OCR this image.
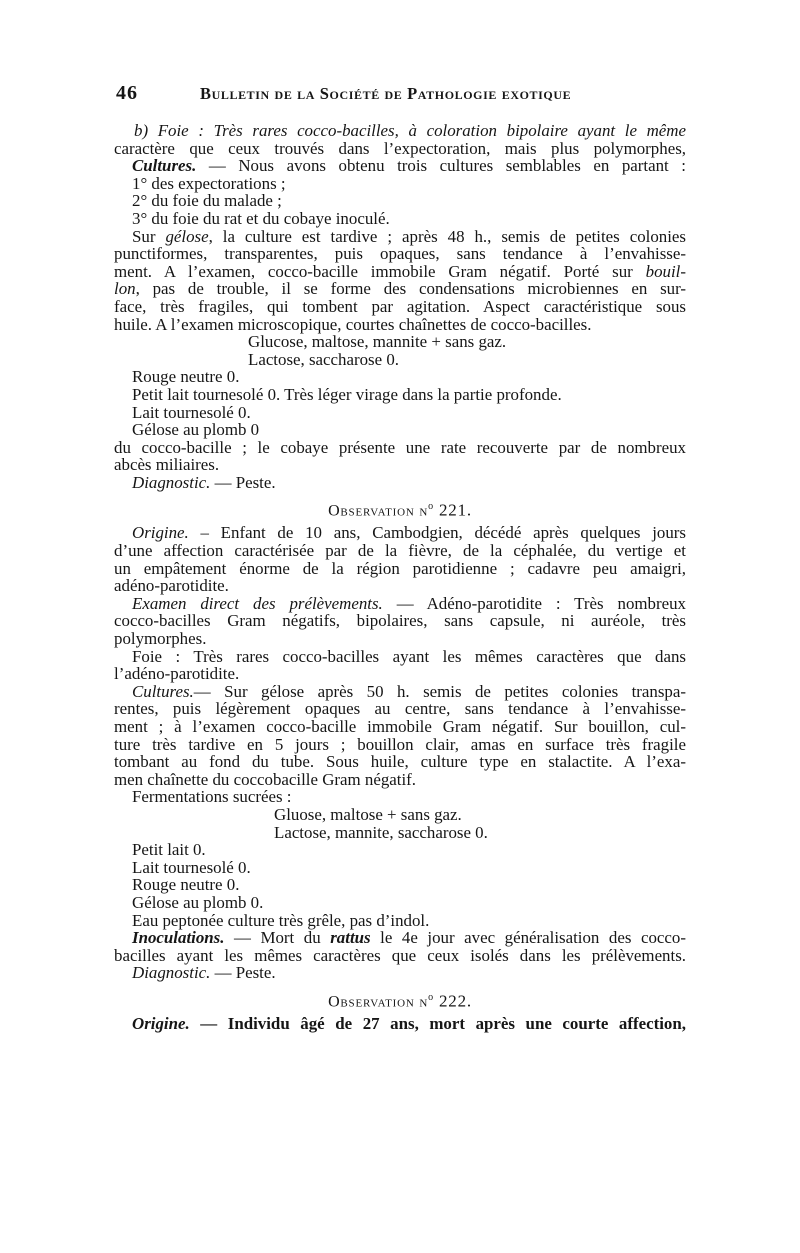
46	Bulletin de la Société de Pathologie exotique
b) Foie : Très rares cocco-bacilles, à coloration bipolaire ayant le même
caractère que ceux trouvés dans l’expectoration, mais plus polymorphes,
Cultures. — Nous avons obtenu trois cultures semblables en partant :
1° des expectorations ;
2° du foie du malade ;
3° du foie du rat et du cobaye inoculé.
Sur gélose, la culture est tardive ; après 48 h., semis de petites colonies
punctiformes, transparentes, puis opaques, sans tendance à l’envahisse-
ment. A l’examen, cocco-bacille immobile Gram négatif. Porté sur bouil-
lon, pas de trouble, il se forme des condensations microbiennes en sur-
face, très fragiles, qui tombent par agitation. Aspect caractéristique sous
huile. A l’examen microscopique, courtes chaînettes de cocco-bacilles.
Glucose, maltose, mannite + sans gaz.
Lactose, saccharose 0.
Rouge neutre 0.
Petit lait tournesolé 0. Très léger virage dans la partie profonde.
Lait tournesolé 0.
Gélose au plomb 0
du cocco-bacille ; le cobaye présente une rate recouverte par de nombreux
abcès miliaires.
Diagnostic. — Peste.
Observation $n^o$ 221.
Origine. – Enfant de 10 ans, Cambodgien, décédé après quelques jours
d’une affection caractérisée par de la fièvre, de la céphalée, du vertige et
un empâtement énorme de la région parotidienne ; cadavre peu amaigri,
adéno-parotidite.
Examen direct des prélèvements. — Adéno-parotidite : Très nombreux
cocco-bacilles Gram négatifs, bipolaires, sans capsule, ni auréole, très
polymorphes.
Foie : Très rares cocco-bacilles ayant les mêmes caractères que dans
l’adéno-parotidite.
Cultures.— Sur gélose après 50 h. semis de petites colonies transpa-
rentes, puis légèrement opaques au centre, sans tendance à l’envahisse-
ment ; à l’examen cocco-bacille immobile Gram négatif. Sur bouillon, cul-
ture très tardive en 5 jours ; bouillon clair, amas en surface très fragile
tombant au fond du tube. Sous huile, culture type en stalactite. A l’exa-
men chaînette du coccobacille Gram négatif.
Fermentations sucrées :
Gluose, maltose + sans gaz.
Lactose, mannite, saccharose 0.
Petit lait 0.
Lait tournesolé 0.
Rouge neutre 0.
Gélose au plomb 0.
Eau peptonée culture très grêle, pas d’indol.
Inoculations. — Mort du rattus le 4e jour avec généralisation des cocco-
bacilles ayant les mêmes caractères que ceux isolés dans les prélèvements.
Diagnostic. — Peste.
Observation $n^o$ 222.
Origine. — Individu âgé de 27 ans, mort après une courte affection,
